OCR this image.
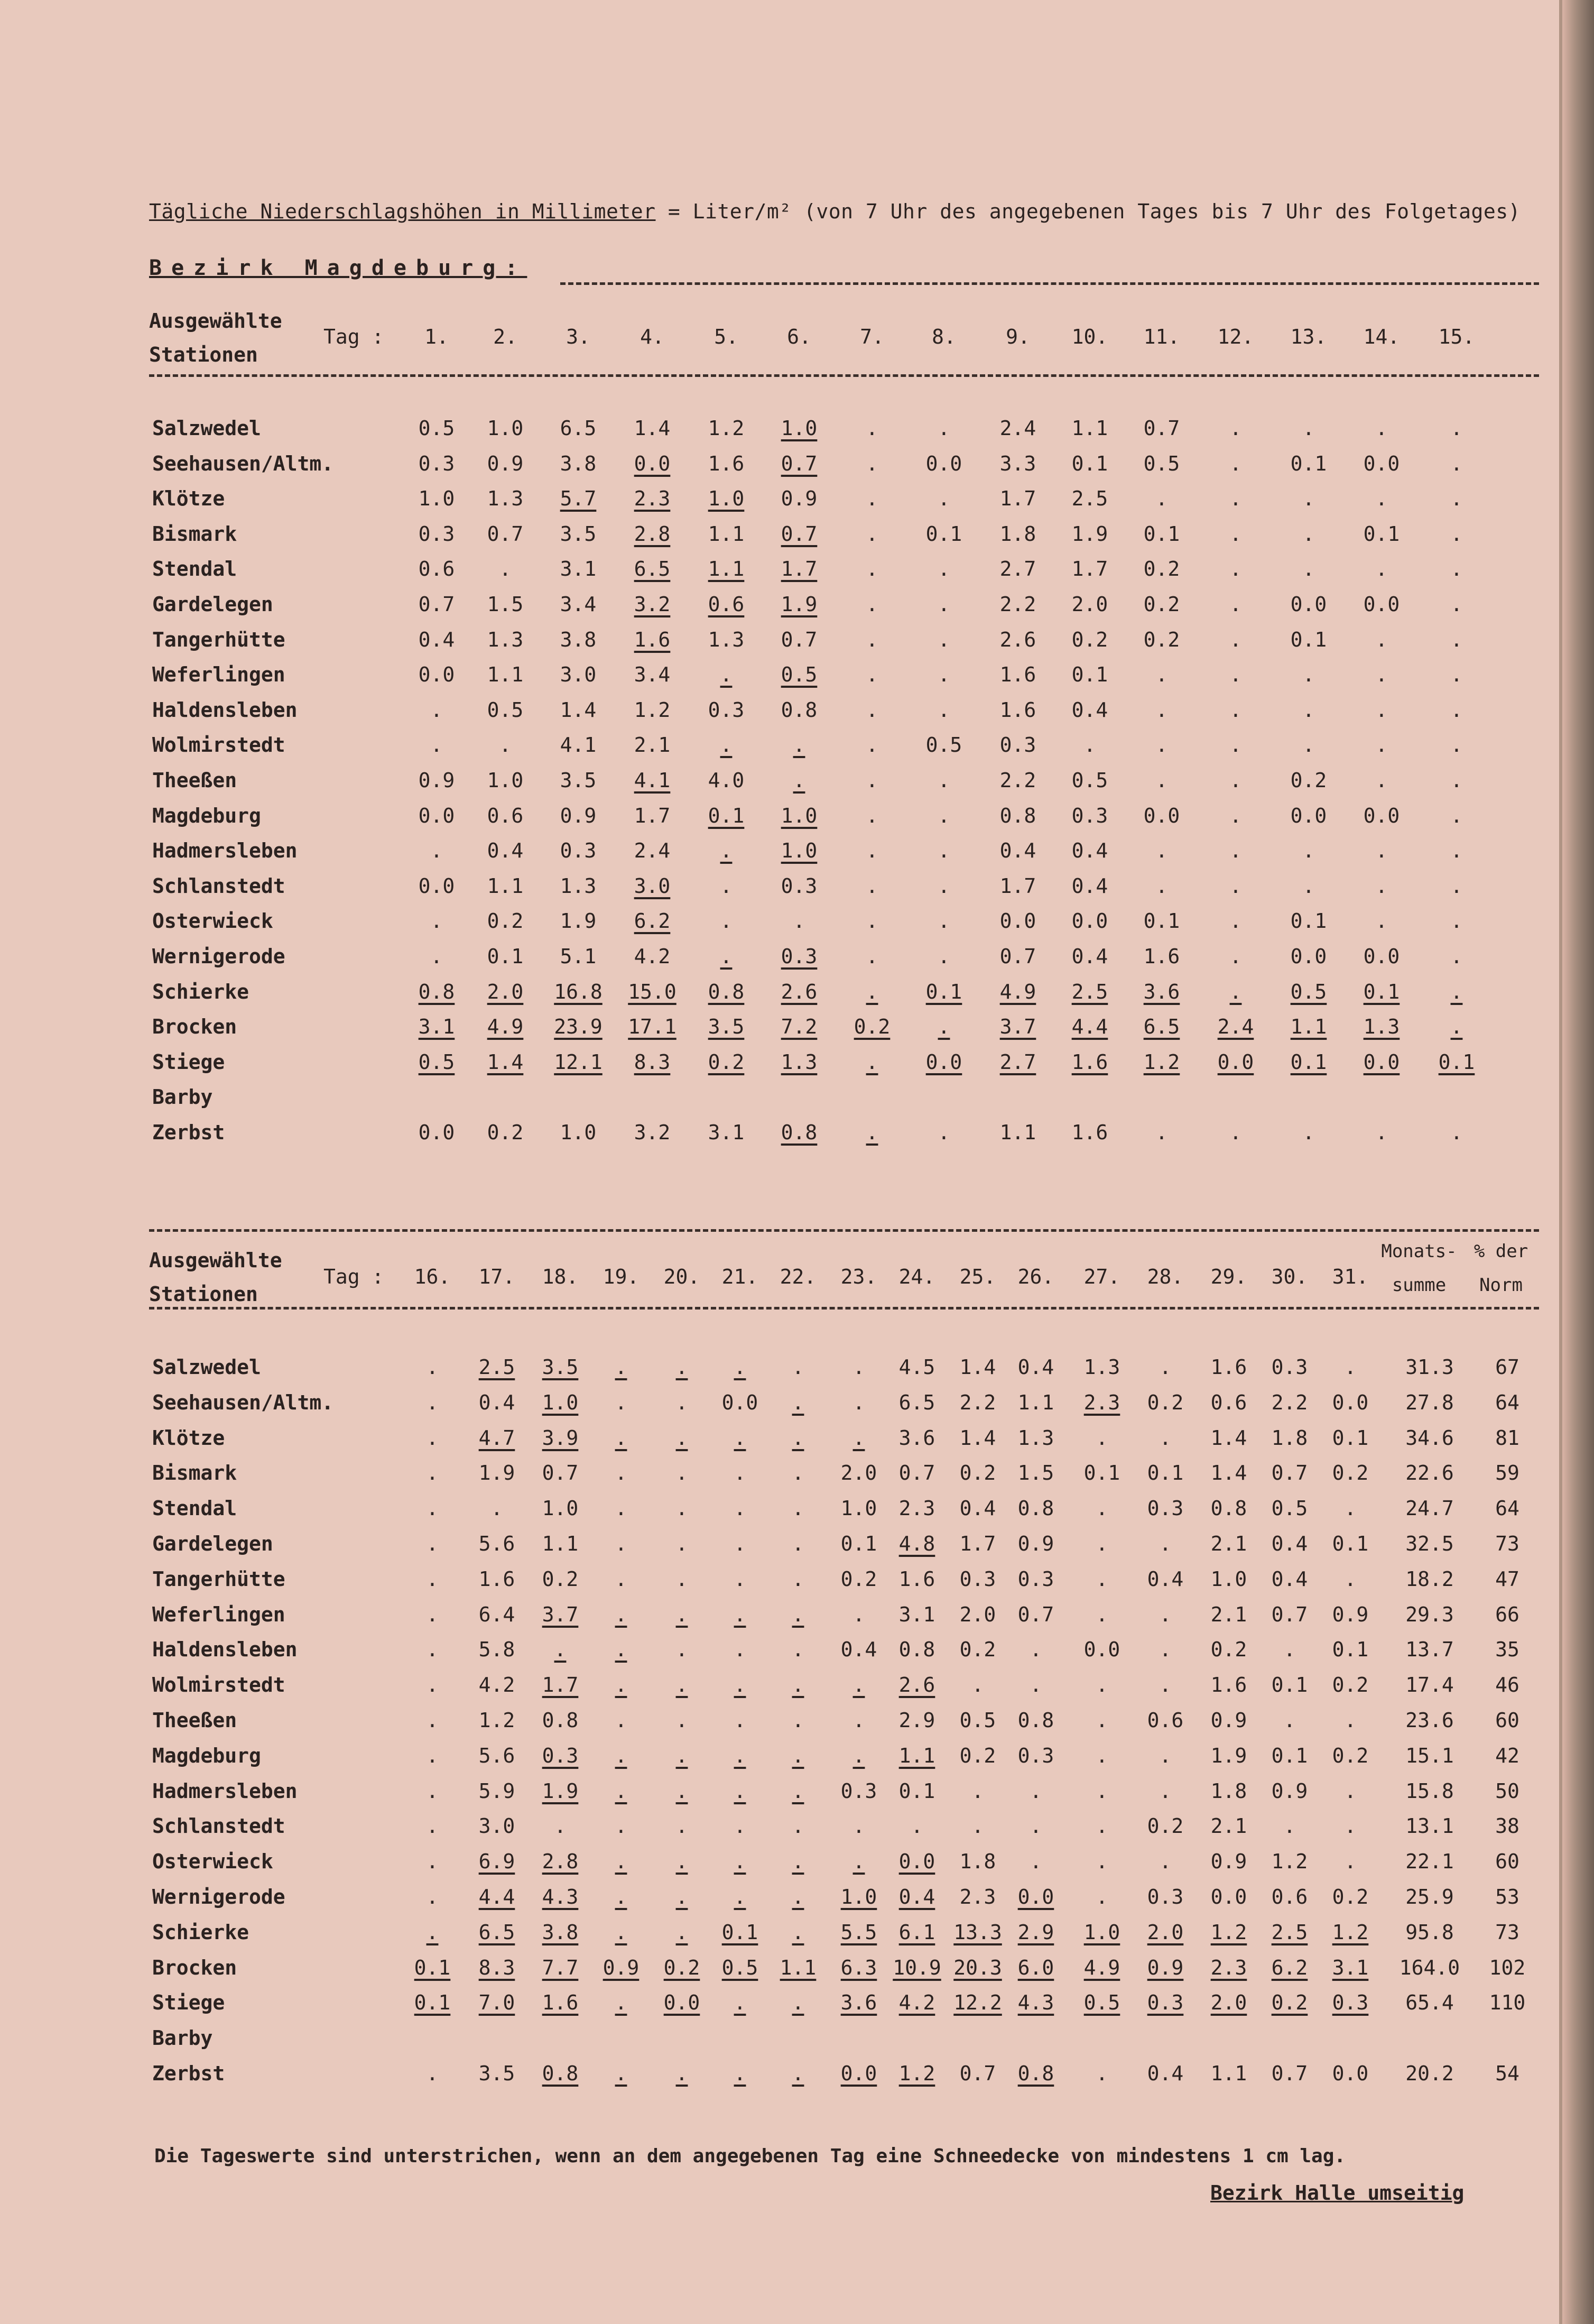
Tägliche Niederschlagshöhen in Millimeter = Liter/m² (von 7 Uhr des angegebenen Tages bis 7 Uhr des Folgetages)
Bezirk Magdeburg:
Ausgewählte
Stationen
Tag :	1.	2.	3.	4.	5.	6.	7.	8.	9.	10.	11.	12.	13.	14.	15.
Salzwedel	0.5	1.0	6.5	1.4	1.2	1.0	.	.	2.4	1.1	0.7	.	.	.	.
Seehausen/Altm.	0.3	0.9	3.8	0.0	1.6	0.7	.	0.0	3.3	0.1	0.5	.	0.1	0.0	.
Klötze	1.0	1.3	5.7	2.3	1.0	0.9	.	.	1.7	2.5	.	.	.	.	.
Bismark	0.3	0.7	3.5	2.8	1.1	0.7	.	0.1	1.8	1.9	0.1	.	.	0.1	.
Stendal	0.6	.	3.1	6.5	1.1	1.7	.	.	2.7	1.7	0.2	.	.	.	.
Gardelegen	0.7	1.5	3.4	3.2	0.6	1.9	.	.	2.2	2.0	0.2	.	0.0	0.0	.
Tangerhütte	0.4	1.3	3.8	1.6	1.3	0.7	.	.	2.6	0.2	0.2	.	0.1	.	.
Weferlingen	0.0	1.1	3.0	3.4	.	0.5	.	.	1.6	0.1	.	.	.	.	.
Haldensleben	.	0.5	1.4	1.2	0.3	0.8	.	.	1.6	0.4	.	.	.	.	.
Wolmirstedt	.	.	4.1	2.1	.	.	.	0.5	0.3	.	.	.	.	.	.
Theeßen	0.9	1.0	3.5	4.1	4.0	.	.	.	2.2	0.5	.	.	0.2	.	.
Magdeburg	0.0	0.6	0.9	1.7	0.1	1.0	.	.	0.8	0.3	0.0	.	0.0	0.0	.
Hadmersleben	.	0.4	0.3	2.4	.	1.0	.	.	0.4	0.4	.	.	.	.	.
Schlanstedt	0.0	1.1	1.3	3.0	.	0.3	.	.	1.7	0.4	.	.	.	.	.
Osterwieck	.	0.2	1.9	6.2	.	.	.	.	0.0	0.0	0.1	.	0.1	.	.
Wernigerode	.	0.1	5.1	4.2	.	0.3	.	.	0.7	0.4	1.6	.	0.0	0.0	.
Schierke	0.8	2.0	16.8	15.0	0.8	2.6	.	0.1	4.9	2.5	3.6	.	0.5	0.1	.
Brocken	3.1	4.9	23.9	17.1	3.5	7.2	0.2	.	3.7	4.4	6.5	2.4	1.1	1.3	.
Stiege	0.5	1.4	12.1	8.3	0.2	1.3	.	0.0	2.7	1.6	1.2	0.0	0.1	0.0	0.1
Barby
Zerbst	0.0	0.2	1.0	3.2	3.1	0.8	.	.	1.1	1.6	.	.	.	.	.
Ausgewählte
Stationen
Tag :	16.	17.	18.	19.	20.	21.	22.	23.	24.	25.	26.	27.	28.	29.	30.	31.
Monats-
summe
% der
Norm
Salzwedel	.	2.5	3.5	.	.	.	.	.	4.5	1.4	0.4	1.3	.	1.6	0.3	.	31.3	67
Seehausen/Altm.	.	0.4	1.0	.	.	0.0	.	.	6.5	2.2	1.1	2.3	0.2	0.6	2.2	0.0	27.8	64
Klötze	.	4.7	3.9	.	.	.	.	.	3.6	1.4	1.3	.	.	1.4	1.8	0.1	34.6	81
Bismark	.	1.9	0.7	.	.	.	.	2.0	0.7	0.2	1.5	0.1	0.1	1.4	0.7	0.2	22.6	59
Stendal	.	.	1.0	.	.	.	.	1.0	2.3	0.4	0.8	.	0.3	0.8	0.5	.	24.7	64
Gardelegen	.	5.6	1.1	.	.	.	.	0.1	4.8	1.7	0.9	.	.	2.1	0.4	0.1	32.5	73
Tangerhütte	.	1.6	0.2	.	.	.	.	0.2	1.6	0.3	0.3	.	0.4	1.0	0.4	.	18.2	47
Weferlingen	.	6.4	3.7	.	.	.	.	.	3.1	2.0	0.7	.	.	2.1	0.7	0.9	29.3	66
Haldensleben	.	5.8	.	.	.	.	.	0.4	0.8	0.2	.	0.0	.	0.2	.	0.1	13.7	35
Wolmirstedt	.	4.2	1.7	.	.	.	.	.	2.6	.	.	.	.	1.6	0.1	0.2	17.4	46
Theeßen	.	1.2	0.8	.	.	.	.	.	2.9	0.5	0.8	.	0.6	0.9	.	.	23.6	60
Magdeburg	.	5.6	0.3	.	.	.	.	.	1.1	0.2	0.3	.	.	1.9	0.1	0.2	15.1	42
Hadmersleben	.	5.9	1.9	.	.	.	.	0.3	0.1	.	.	.	.	1.8	0.9	.	15.8	50
Schlanstedt	.	3.0	.	.	.	.	.	.	.	.	.	.	0.2	2.1	.	.	13.1	38
Osterwieck	.	6.9	2.8	.	.	.	.	.	0.0	1.8	.	.	.	0.9	1.2	.	22.1	60
Wernigerode	.	4.4	4.3	.	.	.	.	1.0	0.4	2.3	0.0	.	0.3	0.0	0.6	0.2	25.9	53
Schierke	.	6.5	3.8	.	.	0.1	.	5.5	6.1 13.3 2.9	1.0	2.0	1.2	2.5	1.2	95.8	73
Brocken	0.1	8.3	7.7	0.9	0.2	0.5	1.1	6.3 10.9 20.3 6.0	4.9	0.9	2.3	6.2	3.1	164.0	102
Stiege	0.1	7.0	1.6	.	0.0	.	.	3.6	4.2 12.2 4.3	0.5	0.3	2.0	0.2	0.3	65.4	110
Barby
Zerbst	.	3.5	0.8	.	.	.	.	0.0	1.2	0.7	0.8	.	0.4	1.1	0.7	0.0	20.2	54
Die Tageswerte sind unterstrichen, wenn an dem angegebenen Tag eine Schneedecke von mindestens 1 cm lag.
Bezirk Halle umseitig
